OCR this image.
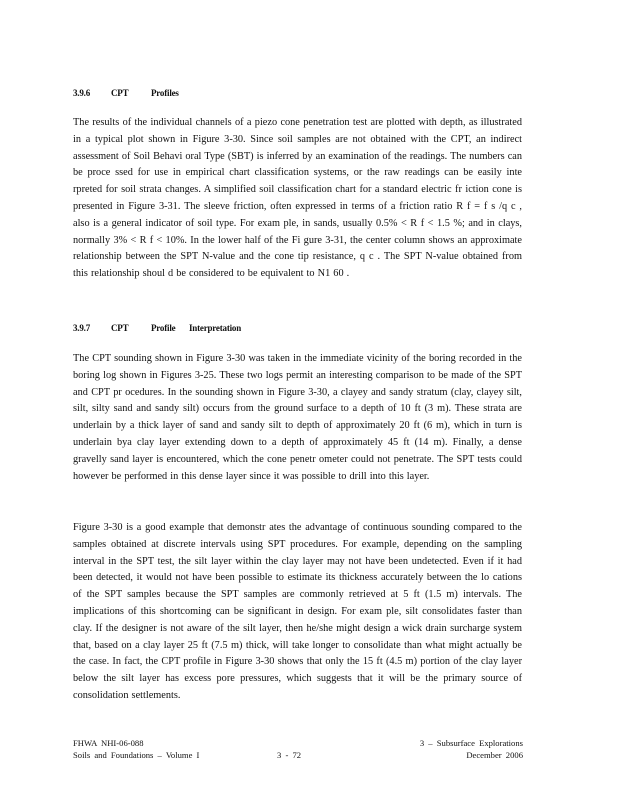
3.9.6 CPT	Profiles
The results of the individual channels of a piezo cone penetration test are plotted with depth, as illustrated in a typical plot shown in Figure 3-30. Since soil samples are not obtained with the CPT, an indirect assessment of Soil Behavi oral Type (SBT) is inferred by an examination of the readings. The numbers can be proce ssed for use in empirical chart classification systems, or the raw readings can be easily inte rpreted for soil strata changes. A simplified soil classification chart for a standard electric fr iction cone is presented in Figure 3-31. The sleeve friction, often expressed in terms of a friction ratio R f = f s /q c , also is a general indicator of soil type. For exam ple, in sands, usually 0.5% < R f < 1.5 %; and in clays, normally 3% < R f < 10%. In the lower half of the Fi gure 3-31, the center column shows an approximate relationship between the SPT N-value and the cone tip resistance, q c . The SPT N-value obtained from this relationship shoul d be considered to be equivalent to N1 60 .
3.9.7 CPT	Profile Interpretation
The CPT sounding shown in Figure 3-30 was taken in the immediate vicinity of the boring recorded in the boring log shown in Figures 3-25. These two logs permit an interesting comparison to be made of the SPT and CPT pr ocedures. In the sounding shown in Figure 3-30, a clayey and sandy stratum (clay, clayey silt, silt, silty sand and sandy silt) occurs from the ground surface to a depth of 10 ft (3 m). These strata are underlain by a thick layer of sand and sandy silt to depth of approximately 20 ft (6 m), which in turn is underlain bya clay layer extending down to a depth of approximately 45 ft (14 m). Finally, a dense gravelly sand layer is encountered, which the cone penetr ometer could not penetrate. The SPT tests could however be performed in this dense layer since it was possible to drill into this layer.
Figure 3-30 is a good example that demonstr ates the advantage of continuous sounding compared to the samples obtained at discrete intervals using SPT procedures. For example, depending on the sampling interval in the SPT test, the silt layer within the clay layer may not have been undetected. Even if it had been detected, it would not have been possible to estimate its thickness accurately between the lo cations of the SPT samples because the SPT samples are commonly retrieved at 5 ft (1.5 m) intervals. The implications of this shortcoming can be significant in design. For exam ple, silt consolidates faster than clay. If the designer is not aware of the silt layer, then he/she might design a wick drain surcharge system that, based on a clay layer 25 ft (7.5 m) thick, will take longer to consolidate than what might actually be the case. In fact, the CPT profile in Figure 3-30 shows that only the 15 ft (4.5 m) portion of the clay layer below the silt layer has excess pore pressures, which suggests that it will be the primary source of consolidation settlements.
FHWA NHI-06-088
Soils and Foundations – Volume I	3 - 72
3 – Subsurface Explorations
December 2006
